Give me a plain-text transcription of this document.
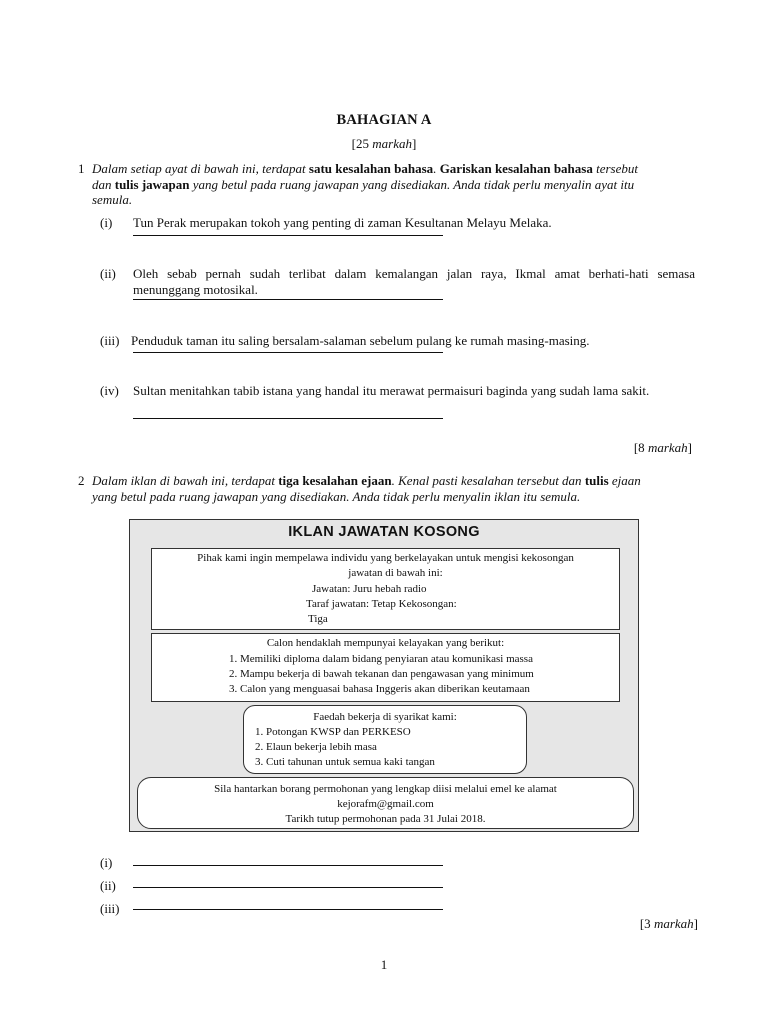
BAHAGIAN A
[25 markah]
1 Dalam setiap ayat di bawah ini, terdapat satu kesalahan bahasa. Gariskan kesalahan bahasa tersebut
dan tulis jawapan yang betul pada ruang jawapan yang disediakan. Anda tidak perlu menyalin ayat itu
semula.
(i) Tun Perak merupakan tokoh yang penting di zaman Kesultanan Melayu Melaka.
(ii) Oleh sebab pernah sudah terlibat dalam kemalangan jalan raya, Ikmal amat berhati-hati semasa menunggang motosikal.
(iii) Penduduk taman itu saling bersalam-salaman sebelum pulang ke rumah masing-masing.
(iv) Sultan menitahkan tabib istana yang handal itu merawat permaisuri baginda yang sudah lama sakit.
[8 markah]
2 Dalam iklan di bawah ini, terdapat tiga kesalahan ejaan. Kenal pasti kesalahan tersebut dan tulis ejaan
yang betul pada ruang jawapan yang disediakan. Anda tidak perlu menyalin iklan itu semula.
IKLAN JAWATAN KOSONG
Pihak kami ingin mempelawa individu yang berkelayakan untuk mengisi kekosongan
jawatan di bawah ini:
Jawatan: Juru hebah radio
Taraf jawatan: Tetap Kekosongan:
Tiga
Calon hendaklah mempunyai kelayakan yang berikut:
1. Memiliki diploma dalam bidang penyiaran atau komunikasi massa
2. Mampu bekerja di bawah tekanan dan pengawasan yang minimum
3. Calon yang menguasai bahasa Inggeris akan diberikan keutamaan
Faedah bekerja di syarikat kami:
1. Potongan KWSP dan PERKESO
2. Elaun bekerja lebih masa
3. Cuti tahunan untuk semua kaki tangan
Sila hantarkan borang permohonan yang lengkap diisi melalui emel ke alamat
kejorafm@gmail.com
Tarikh tutup permohonan pada 31 Julai 2018.
(i)
(ii)
(iii)
[3 markah]
1
